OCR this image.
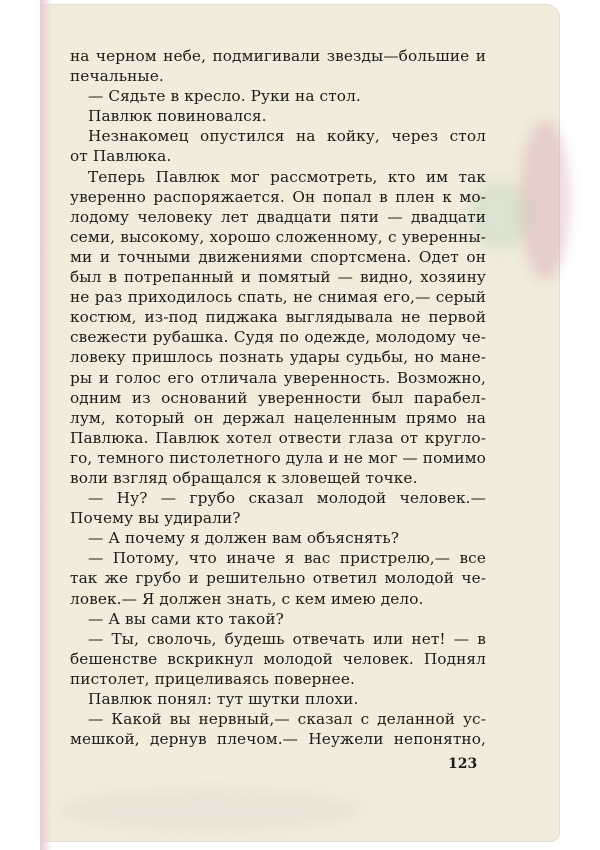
на черном небе, подмигивали звезды—большие и
печальные.
— Сядьте в кресло. Руки на стол.
Павлюк повиновался.
Незнакомец опустился на койку, через стол
от Павлюка.
Теперь Павлюк мог рассмотреть, кто им так
уверенно распоряжается. Он попал в плен к мо-
лодому человеку лет двадцати пяти — двадцати
семи, высокому, хорошо сложенному, с уверенны-
ми и точными движениями спортсмена. Одет он
был в потрепанный и помятый — видно, хозяину
не раз приходилось спать, не снимая его,— серый
костюм, из-под пиджака выглядывала не первой
свежести рубашка. Судя по одежде, молодому че-
ловеку пришлось познать удары судьбы, но мане-
ры и голос его отличала уверенность. Возможно,
одним из оснований уверенности был парабел-
лум, который он держал нацеленным прямо на
Павлюка. Павлюк хотел отвести глаза от кругло-
го, темного пистолетного дула и не мог — помимо
воли взгляд обращался к зловещей точке.
— Ну? — грубо сказал молодой человек.—
Почему вы удирали?
— А почему я должен вам объяснять?
— Потому, что иначе я вас пристрелю,— все
так же грубо и решительно ответил молодой че-
ловек.— Я должен знать, с кем имею дело.
— А вы сами кто такой?
— Ты, сволочь, будешь отвечать или нет! — в
бешенстве вскрикнул молодой человек. Поднял
пистолет, прицеливаясь повернее.
Павлюк понял: тут шутки плохи.
— Какой вы нервный,— сказал с деланной ус-
мешкой, дернув плечом.— Неужели непонятно,
123
